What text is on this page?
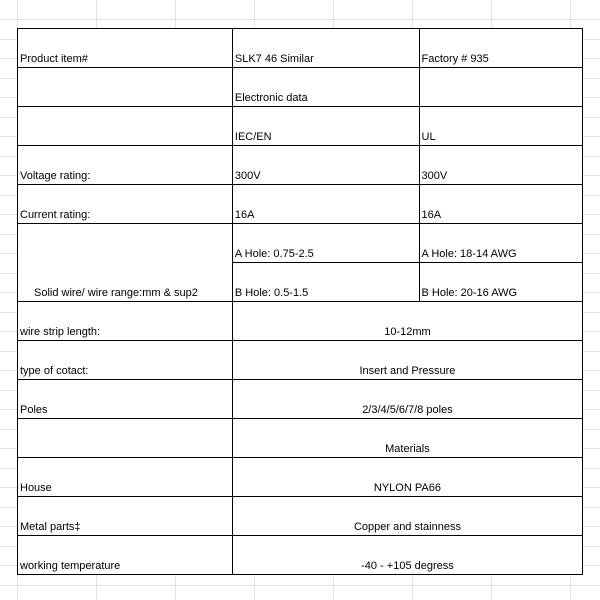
Product item#	SLK7 46 Similar	Factory # 935
	Electronic data	
	IEC/EN	UL
Voltage rating:	300V	300V
Current rating:	16A	16A
Solid wire/ wire range:mm & sup2	A Hole: 0.75-2.5	A Hole: 18-14 AWG
	B Hole: 0.5-1.5	B Hole: 20-16 AWG
wire strip length:	10-12mm	
type of cotact:	Insert and Pressure	
Poles	2/3/4/5/6/7/8 poles	
	Materials	
House	NYLON PA66	
Metal parts‡	Copper and stainness	
working temperature	-40 - +105 degress	
